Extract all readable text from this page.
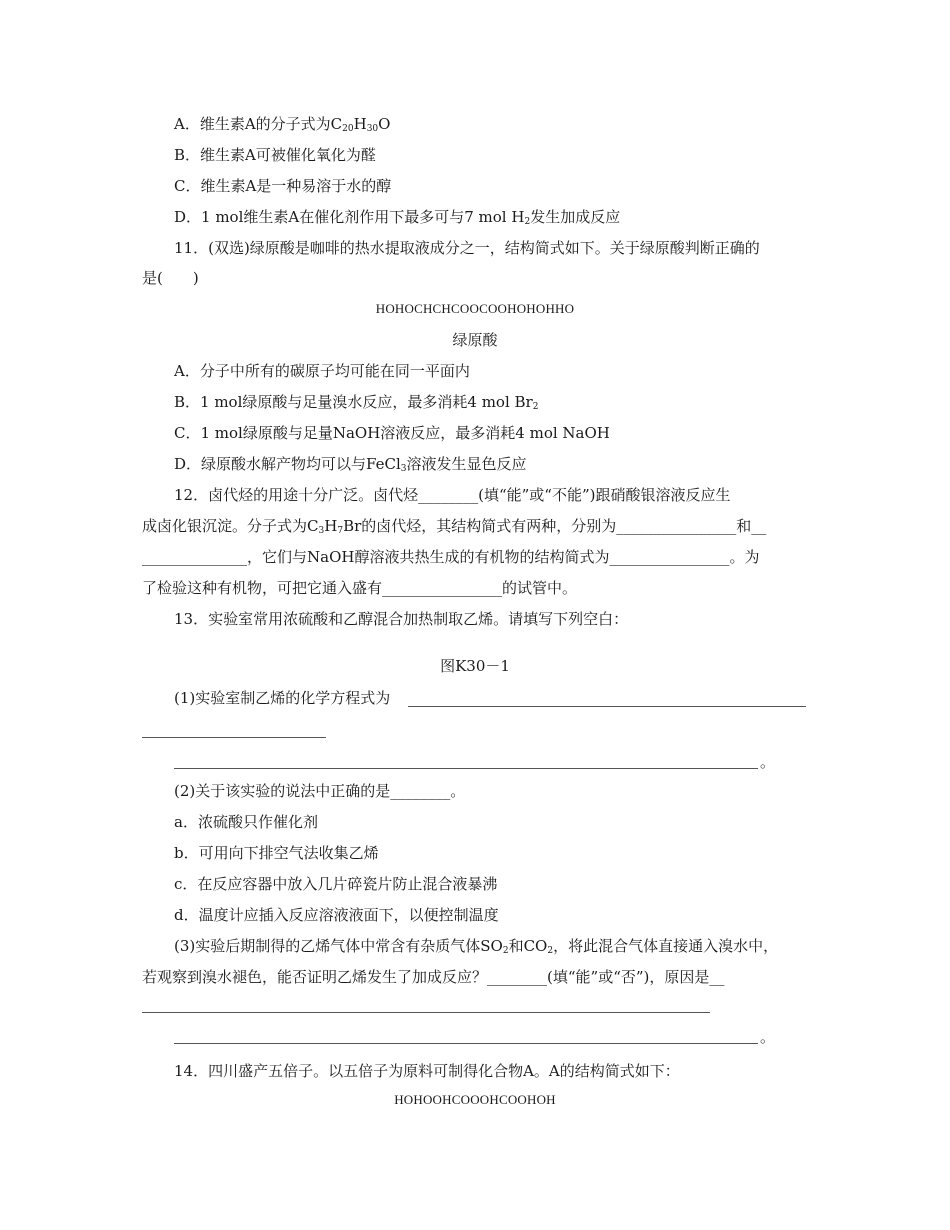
A．维生素A的分子式为$C_{20}H_{30}O$
B．维生素A可被催化氧化为醛
C．维生素A是一种易溶于水的醇
D．1 mol维生素A在催化剂作用下最多可与7 mol $H_2$发生加成反应
11．(双选)绿原酸是咖啡的热水提取液成分之一，结构简式如下。关于绿原酸判断正确的
是(　　)
HOHOCHCHCOOCOOHOHOHHO
绿原酸
A．分子中所有的碳原子均可能在同一平面内
B．1 mol绿原酸与足量溴水反应，最多消耗4 mol $Br_2$
C．1 mol绿原酸与足量NaOH溶液反应，最多消耗4 mol NaOH
D．绿原酸水解产物均可以与FeCl$_3$溶液发生显色反应
12．卤代烃的用途十分广泛。卤代烃________(填“能”或“不能”)跟硝酸银溶液反应生
成卤化银沉淀。分子式为$C_3H_7Br$的卤代烃，其结构简式有两种，分别为________________和__
______________，它们与NaOH醇溶液共热生成的有机物的结构简式为________________。为
了检验这种有机物，可把它通入盛有________________的试管中。
13．实验室常用浓硫酸和乙醇混合加热制取乙烯。请填写下列空白：
图K30－1
(1)实验室制乙烯的化学方程式为
。
(2)关于该实验的说法中正确的是________。
a．浓硫酸只作催化剂
b．可用向下排空气法收集乙烯
c．在反应容器中放入几片碎瓷片防止混合液暴沸
d．温度计应插入反应溶液液面下，以便控制温度
(3)实验后期制得的乙烯气体中常含有杂质气体$SO_2$和$CO_2$，将此混合气体直接通入溴水中，
若观察到溴水褪色，能否证明乙烯发生了加成反应？________(填“能”或“否”)，原因是__
。
14．四川盛产五倍子。以五倍子为原料可制得化合物A。A的结构简式如下：
HOHOOHCOOOHCOOHOH
